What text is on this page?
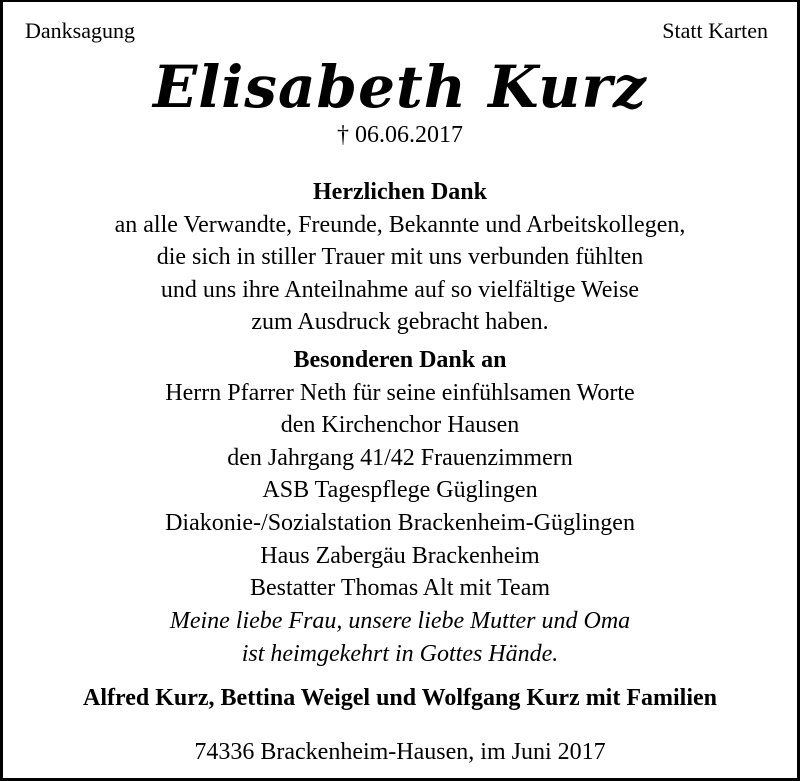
Danksagung	Statt Karten
Elisabeth Kurz
† 06.06.2017
Herzlichen Dank
an alle Verwandte, Freunde, Bekannte und Arbeitskollegen,
die sich in stiller Trauer mit uns verbunden fühlten
und uns ihre Anteilnahme auf so vielfältige Weise
zum Ausdruck gebracht haben.
Besonderen Dank an
Herrn Pfarrer Neth für seine einfühlsamen Worte
den Kirchenchor Hausen
den Jahrgang 41/42 Frauenzimmern
ASB Tagespflege Güglingen
Diakonie-/Sozialstation Brackenheim-Güglingen
Haus Zabergäu Brackenheim
Bestatter Thomas Alt mit Team
Meine liebe Frau, unsere liebe Mutter und Oma
ist heimgekehrt in Gottes Hände.
Alfred Kurz, Bettina Weigel und Wolfgang Kurz mit Familien
74336 Brackenheim-Hausen, im Juni 2017
